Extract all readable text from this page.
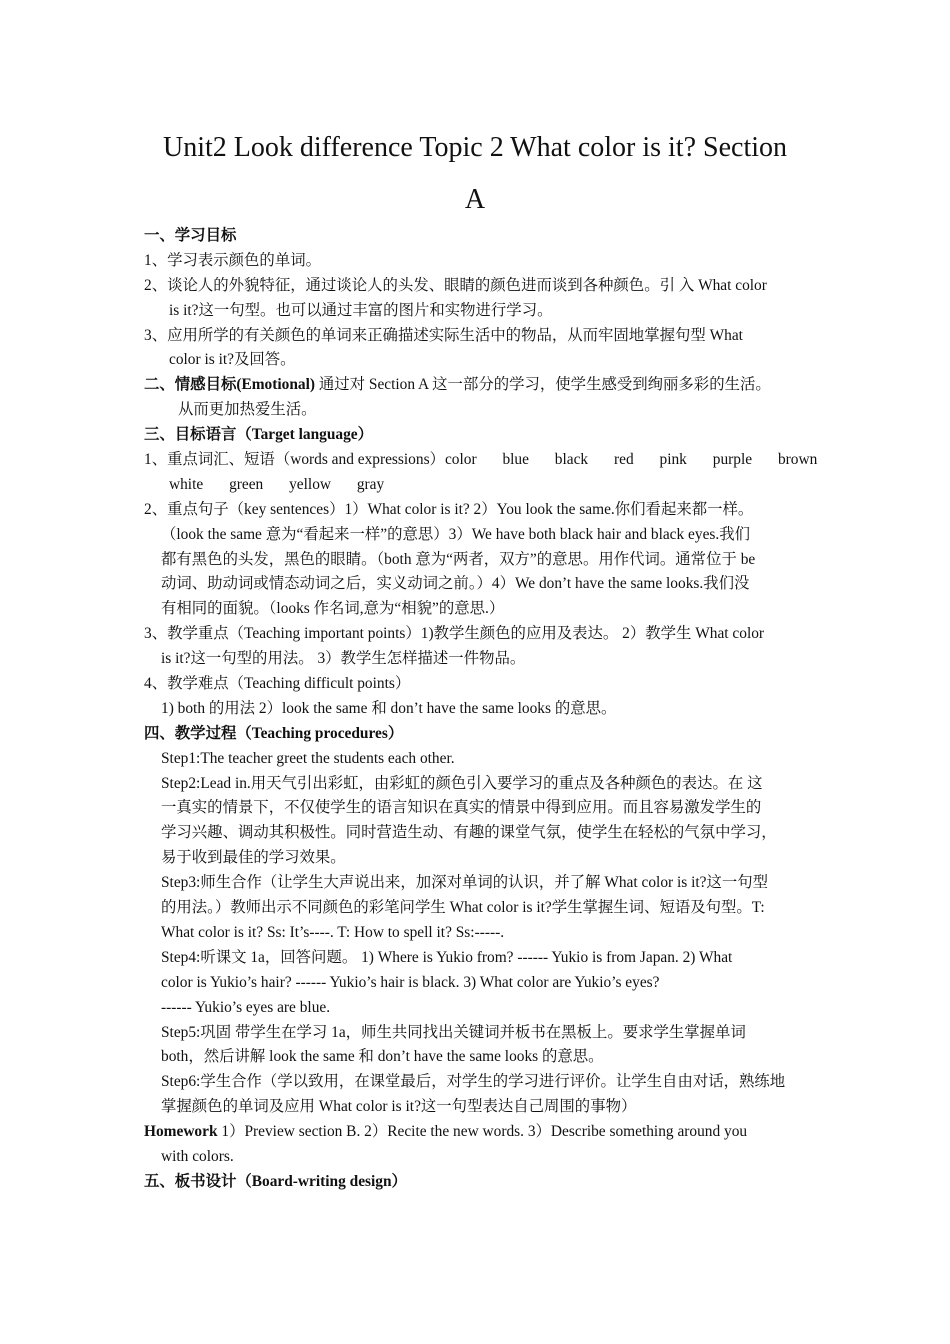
Unit2 Look difference Topic 2 What color is it? Section
A
一、学习目标
1、学习表示颜色的单词。
2、谈论人的外貌特征，通过谈论人的头发、眼睛的颜色进而谈到各种颜色。引 入 What color
is it?这一句型。也可以通过丰富的图片和实物进行学习。
3、应用所学的有关颜色的单词来正确描述实际生活中的物品，从而牢固地掌握句型 What
color is it?及回答。
二、情感目标(Emotional) 通过对 Section A 这一部分的学习，使学生感受到绚丽多彩的生活。
从而更加热爱生活。
三、目标语言（Target language）
1、重点词汇、短语（words and expressions） color blue black red pink purple brown
white green yellow gray
2、重点句子（key sentences）1）What color is it? 2）You look the same.你们看起来都一样。
（look the same 意为“看起来一样”的意思）3）We have both black hair and black eyes.我们
都有黑色的头发，黑色的眼睛。（both 意为“两者，双方”的意思。用作代词。通常位于 be
动词、助动词或情态动词之后，实义动词之前。）4）We don’t have the same looks.我们没
有相同的面貌。（looks 作名词,意为“相貌”的意思.）
3、教学重点（Teaching important points）1)教学生颜色的应用及表达。 2）教学生 What color
is it?这一句型的用法。 3）教学生怎样描述一件物品。
4、教学难点（Teaching difficult points）
1) both 的用法 2）look the same 和 don’t have the same looks 的意思。
四、教学过程（Teaching procedures）
Step1:The teacher greet the students each other.
Step2:Lead in.用天气引出彩虹，由彩虹的颜色引入要学习的重点及各种颜色的表达。在 这
一真实的情景下，不仅使学生的语言知识在真实的情景中得到应用。而且容易激发学生的
学习兴趣、调动其积极性。同时营造生动、有趣的课堂气氛，使学生在轻松的气氛中学习，
易于收到最佳的学习效果。
Step3:师生合作（让学生大声说出来，加深对单词的认识，并了解 What color is it?这一句型
的用法。）教师出示不同颜色的彩笔问学生 What color is it?学生掌握生词、短语及句型。T:
What color is it? Ss: It’s----. T: How to spell it? Ss:-----.
Step4:听课文 1a，回答问题。 1) Where is Yukio from? ------ Yukio is from Japan. 2) What
color is Yukio’s hair? ------ Yukio’s hair is black. 3) What color are Yukio’s eyes?
------ Yukio’s eyes are blue.
Step5:巩固 带学生在学习 1a，师生共同找出关键词并板书在黑板上。要求学生掌握单词
both，然后讲解 look the same 和 don’t have the same looks 的意思。
Step6:学生合作（学以致用，在课堂最后，对学生的学习进行评价。让学生自由对话，熟练地
掌握颜色的单词及应用 What color is it?这一句型表达自己周围的事物）
Homework 1）Preview section B. 2）Recite the new words. 3）Describe something around you
with colors.
五、板书设计（Board-writing design）
